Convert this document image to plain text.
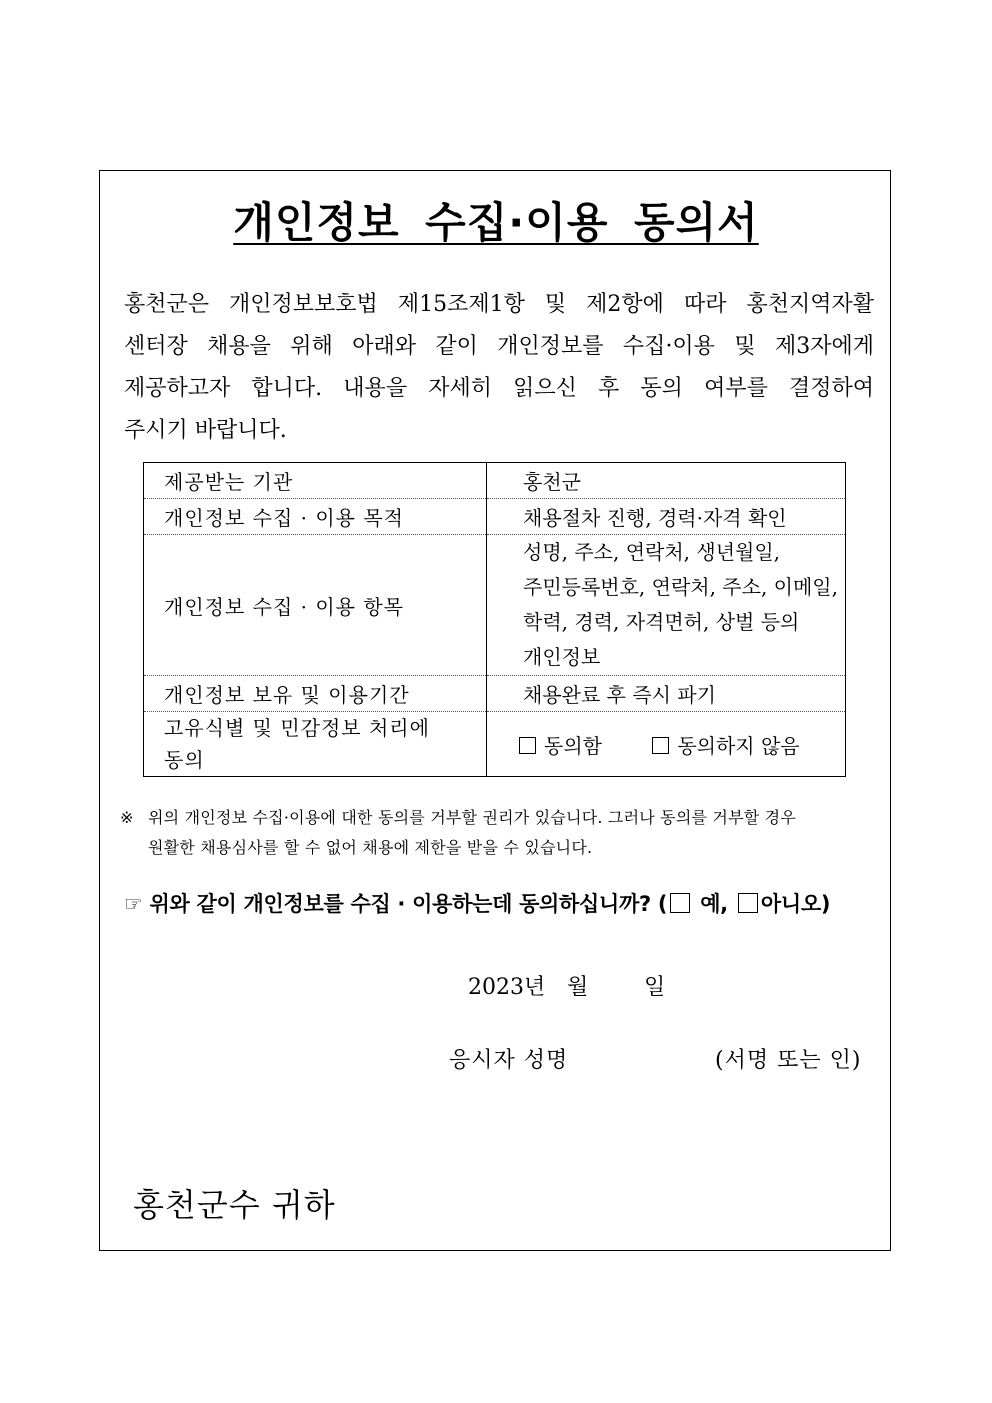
개인정보 수집·이용 동의서
홍천군은 개인정보보호법 제15조제1항 및 제2항에 따라 홍천지역자활
센터장 채용을 위해 아래와 같이 개인정보를 수집·이용 및 제3자에게
제공하고자 합니다. 내용을 자세히 읽으신 후 동의 여부를 결정하여
주시기 바랍니다.
제공받는 기관	홍천군
개인정보 수집 · 이용 목적	채용절차 진행, 경력·자격 확인
개인정보 수집 · 이용 항목	성명, 주소, 연락처, 생년월일,
주민등록번호, 연락처, 주소, 이메일,
학력, 경력, 자격면허, 상벌 등의
개인정보

개인정보 보유 및 이용기간	채용완료 후 즉시 파기

고유식별 및 민감정보 처리에
동의	동의함 동의하지 않음
※ 위의 개인정보 수집·이용에 대한 동의를 거부할 권리가 있습니다. 그러나 동의를 거부할 경우
원활한 채용심사를 할 수 없어 채용에 제한을 받을 수 있습니다.
☞ 위와 같이 개인정보를 수집 · 이용하는데 동의하십니까? ( 예, 아니오)
2023년 월	일
응시자 성명	(서명 또는 인)
홍천군수 귀하
